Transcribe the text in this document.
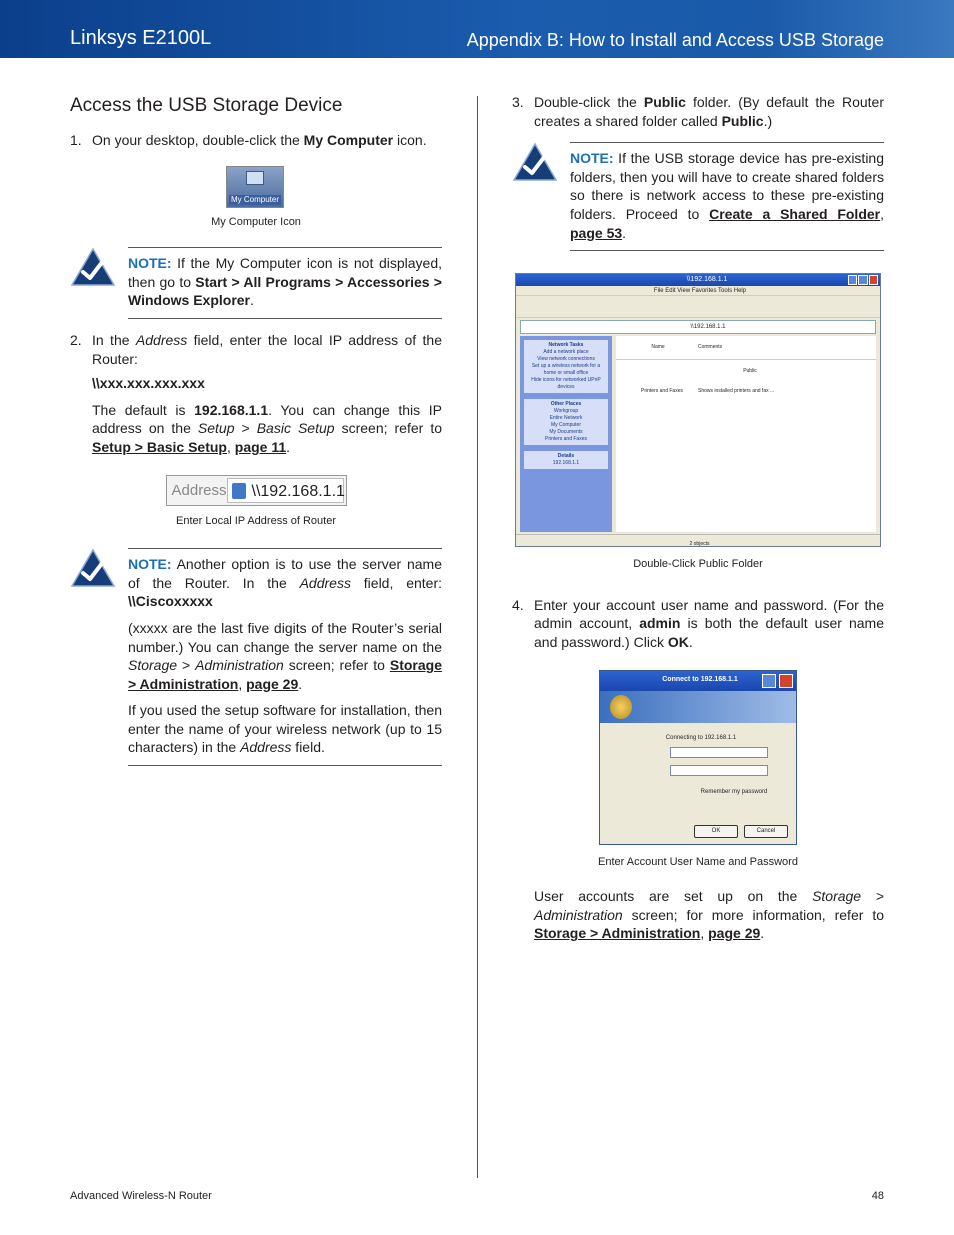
Linksys E2100L	Appendix B: How to Install and Access USB Storage
Access the USB Storage Device
1. On your desktop, double-click the My Computer icon.
My Computer
My Computer Icon

NOTE: If the My Computer icon is not displayed, then go to Start > All Programs > Accessories > Windows Explorer.

2. In the Address field, enter the local IP address of the Router:
\\xxx.xxx.xxx.xxx
The default is 192.168.1.1. You can change this IP address on the Setup > Basic Setup screen; refer to Setup > Basic Setup, page 11.
Address	\\192.168.1.1
Enter Local IP Address of Router

NOTE: Another option is to use the server name of the Router. In the Address field, enter: \\Ciscoxxxxx

(xxxxx are the last five digits of the Router’s serial number.) You can change the server name on the Storage > Administration screen; refer to Storage > Administration, page 29.

If you used the setup software for installation, then enter the name of your wireless network (up to 15 characters) in the Address field.

3. Double-click the Public folder. (By default the Router creates a shared folder called Public.)

NOTE: If the USB storage device has pre-existing folders, then you will have to create shared folders so there is network access to these pre-existing folders. Proceed to Create a Shared Folder, page 53.

\\192.168.1.1
File Edit View Favorites Tools Help
\\192.168.1.1
Network Tasks
Add a network place
View network connections
Set up a wireless network for a home or small office
Hide icons for networked UPnP devices
Other Places
Workgroup
Entire Network
My Computer
My Documents
Printers and Faxes
Details
192.168.1.1
Name	Comments
Public
Printers and Faxes	Shows installed printers and fax ...
2 objects
Double-Click Public Folder
4. Enter your account user name and password. (For the admin account, admin is both the default user name and password.) Click OK.
Connect to 192.168.1.1
Connecting to 192.168.1.1
Remember my password
OK	Cancel
Enter Account User Name and Password
User accounts are set up on the Storage > Administration screen; for more information, refer to Storage > Administration, page 29.
Advanced Wireless-N Router	48
